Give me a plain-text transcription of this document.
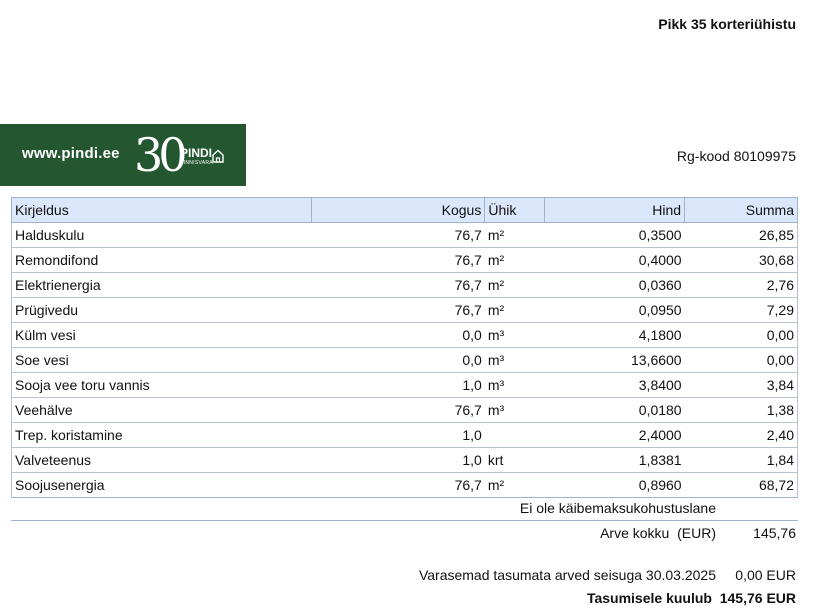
Pikk 35 korteriühistu
www.pindi.ee 30
PINDI
KINNISVARA	Rg-kood 80109975
Kirjeldus	Kogus	Ühik	Hind	Summa
Halduskulu	76,7	m²	0,3500	26,85
Remondifond	76,7	m²	0,4000	30,68
Elektrienergia	76,7	m²	0,0360	2,76
Prügivedu	76,7	m²	0,0950	7,29
Külm vesi	0,0	m³	4,1800	0,00
Soe vesi	0,0	m³	13,6600	0,00
Sooja vee toru vannis	1,0	m³	3,8400	3,84
Veehälve	76,7	m³	0,0180	1,38
Trep. koristamine	1,0		2,4000	2,40
Valveteenus	1,0	krt	1,8381	1,84
Soojusenergia	76,7	m²	0,8960	68,72
Ei ole käibemaksukohustuslane
Arve kokku  (EUR)	145,76
Varasemad tasumata arved seisuga 30.03.2025 0,00 EUR
Tasumisele kuulub  145,76 EUR
